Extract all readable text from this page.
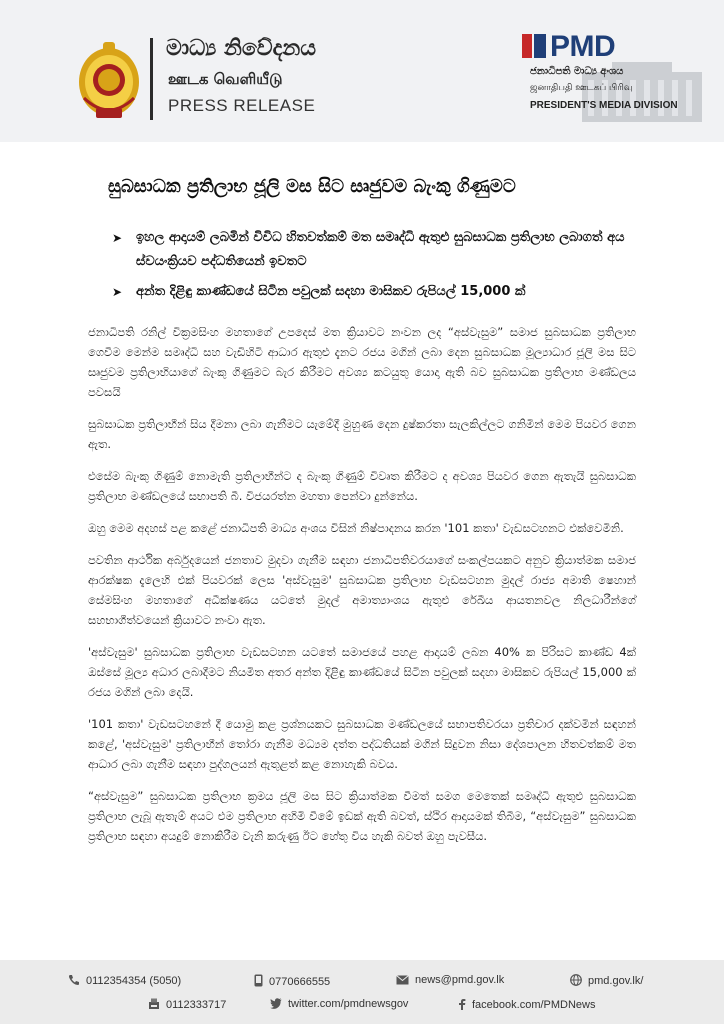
මාධ්‍ය නිවේදනය
ஊடக வெளியீடு
PRESS RELEASE
PMD
ජනාධිපති මාධ්‍ය අංශය
ஜனாதிபதி ஊடகப் பிரிவு
PRESIDENT'S MEDIA DIVISION
සුබසාධක ප්‍රතිලාභ ජූලි මස සිට සෘජුවම බැංකු ගිණුමට
➤ ඉහල ආදායම් ලබමින් විවිධ හිතවත්කම් මත සමෘද්ධි ඇතුළු සුබසාධක ප්‍රතිලාභ ලබාගත් අය ස්වයංක්‍රියව පද්ධතියෙන් ඉවතට
➤ අන්ත දිළිඳු කාණ්ඩයේ සිටින පවුලක් සදහා මාසිකව රුපියල් 15,000 ක්

ජනාධිපති රනිල් වික්‍රමසිංහ මහතාගේ උපදෙස් මත ක්‍රියාවට නංවන ලද “අස්වැසුම” සමාජ සුබසාධක ප්‍රතිලාභ ගෙවීම මෙන්ම සමෘද්ධි සහ වැඩිහිටි ආධාර ඇතුළු දැනට රජය මගින් ලබා දෙන සුබසාධක මූල්‍යාධාර ජූලි මස සිට සෘජුවම ප්‍රතිලාභියාගේ බැංකු ගිණුමට බැර කිරීමට අවශ්‍ය කටයුතු යොදා ඇති බව සුබසාධක ප්‍රතිලාභ මණ්ඩලය පවසයි

සුබසාධක ප්‍රතිලාභීන් සිය දීමනා ලබා ගැනීමට යැමේදී මුහුණ දෙන දුෂ්කරතා සැලකිල්ලට ගනිමින් මෙම පියවර ගෙන ඇත.

එසේම බැංකු ගිණුම් නොමැති ප්‍රතිලාභීන්ට ද බැංකු ගිණුම් විවෘත කිරීමට ද අවශ්‍ය පියවර ගෙන ඇතැයි සුබසාධක ප්‍රතිලාභ මණ්ඩලයේ සභාපති බී. විජයරත්න මහතා පෙන්වා දුන්නේය.

ඔහු මෙම අදහස් පළ කළේ ජනාධිපති මාධ්‍ය අංශය විසින් නිෂ්පාදනය කරන '101 කතා' වැඩසටහනට එක්වෙමිනි.

පවතින ආර්ථික අර්බුදයෙන් ජනතාව මුදවා ගැනීම සඳහා ජනාධිපතිවරයාගේ සංකල්පයකට අනුව ක්‍රියාත්මක සමාජ ආරක්ෂක දැලෙහි එක් පියවරක් ලෙස 'අස්වැසුම' සුබසාධක ප්‍රතිලාභ වැඩසටහන මුදල් රාජ්‍ය අමාති ෂෙහාන් සේමසිංහ මහතාගේ අධීක්ෂණය යටතේ මුදල් අමාත්‍යාංශය ඇතුළු රේඛීය ආයතනවල නිලධාරීන්ගේ සහභාගීත්වයෙන් ක්‍රියාවට නංවා ඇත.

'අස්වැසුම' සුබසාධක ප්‍රතිලාභ වැඩසටහන යටතේ සමාජයේ පහළ ආදායම් ලබන 40% ක පිරිසට කාණ්ඩ 4ක් ඔස්සේ මූල්‍ය අධාර ලබාදීමට නියමිත අතර අන්ත දිළිඳු කාණ්ඩයේ සිටින පවුලක් සදහා මාසිකව රුපියල් 15,000 ක් රජය මගින් ලබා දෙයි.

'101 කතා' වැඩසටහනේ දී යොමු කළ ප්‍රශ්නයකට සුබසාධක මණ්ඩලයේ සභාපතිවරයා ප්‍රතිචාර දක්වමින් සඳහන් කළේ, 'අස්වැසුම' ප්‍රතිලාභීන් තෝරා ගැනීම මධ්‍යම දත්ත පද්ධතියක් මගින් සිදුවන නිසා දේශපාලන හිතවත්කම් මත ආධාර ලබා ගැනීම සඳහා පුද්ගලයන් ඇතුළත් කළ නොහැකි බවය.

“අස්වැසුම” සුබසාධක ප්‍රතිලාභ ක්‍රමය ජූලි මස සිට ක්‍රියාත්මක වීමත් සමග මෙතෙක් සමෘද්ධි ඇතුළු සුබසාධක ප්‍රතිලාභ ලැබූ ඇතැම් අයට එම ප්‍රතිලාභ අහිමි වීමේ ඉඩක් ඇති බවත්, ස්ථිර ආදායමක් තිබීම, “අස්වැසුම” සුබසාධක ප්‍රතිලාභ සඳහා අයදුම් නොකිරීම වැනි කරුණු ඊට හේතු විය හැකි බවත් ඔහු පැවසීය.

0112354354 (5050)	0770666555	news@pmd.gov.lk	pmd.gov.lk/
0112333717	twitter.com/pmdnewsgov	facebook.com/PMDNews
